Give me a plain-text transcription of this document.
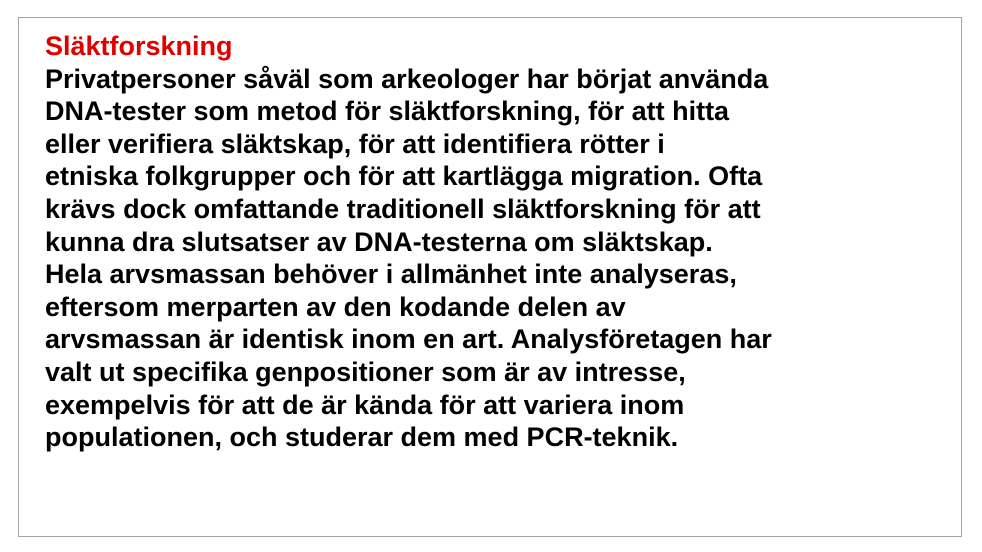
Släktforskning
Privatpersoner såväl som arkeologer har börjat använda
DNA-tester som metod för släktforskning, för att hitta
eller verifiera släktskap, för att identifiera rötter i
etniska folkgrupper och för att kartlägga migration. Ofta
krävs dock omfattande traditionell släktforskning för att
kunna dra slutsatser av DNA-testerna om släktskap.
Hela arvsmassan behöver i allmänhet inte analyseras,
eftersom merparten av den kodande delen av
arvsmassan är identisk inom en art. Analysföretagen har
valt ut specifika genpositioner som är av intresse,
exempelvis för att de är kända för att variera inom
populationen, och studerar dem med PCR-teknik.
